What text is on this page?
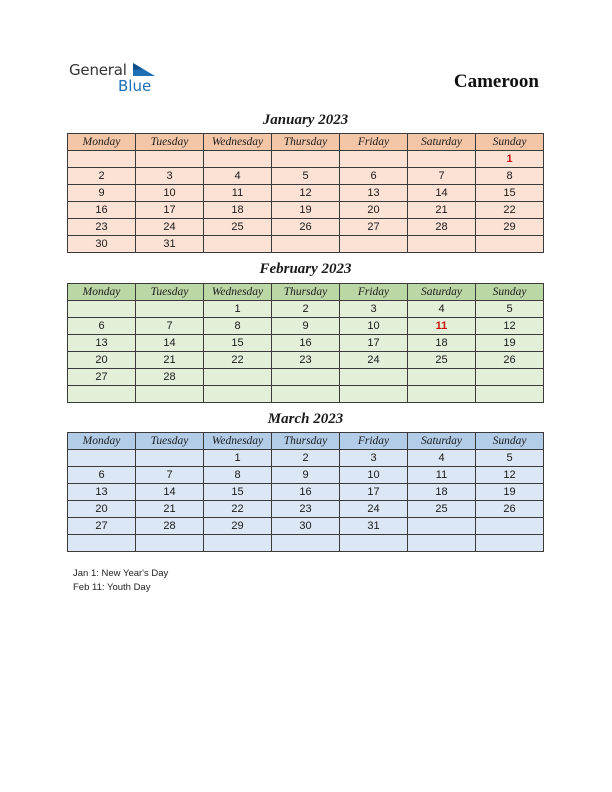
General
Blue	Cameroon
January 2023
Monday	Tuesday	Wednesday	Thursday	Friday	Saturday	Sunday
						1
2	3	4	5	6	7	8
9	10	11	12	13	14	15
16	17	18	19	20	21	22
23	24	25	26	27	28	29
30	31					
February 2023
Monday	Tuesday	Wednesday	Thursday	Friday	Saturday	Sunday
		1	2	3	4	5
6	7	8	9	10	11	12
13	14	15	16	17	18	19
20	21	22	23	24	25	26
27	28					

March 2023
Monday	Tuesday	Wednesday	Thursday	Friday	Saturday	Sunday
		1	2	3	4	5
6	7	8	9	10	11	12
13	14	15	16	17	18	19
20	21	22	23	24	25	26
27	28	29	30	31		

Jan 1: New Year's Day
Feb 11: Youth Day
